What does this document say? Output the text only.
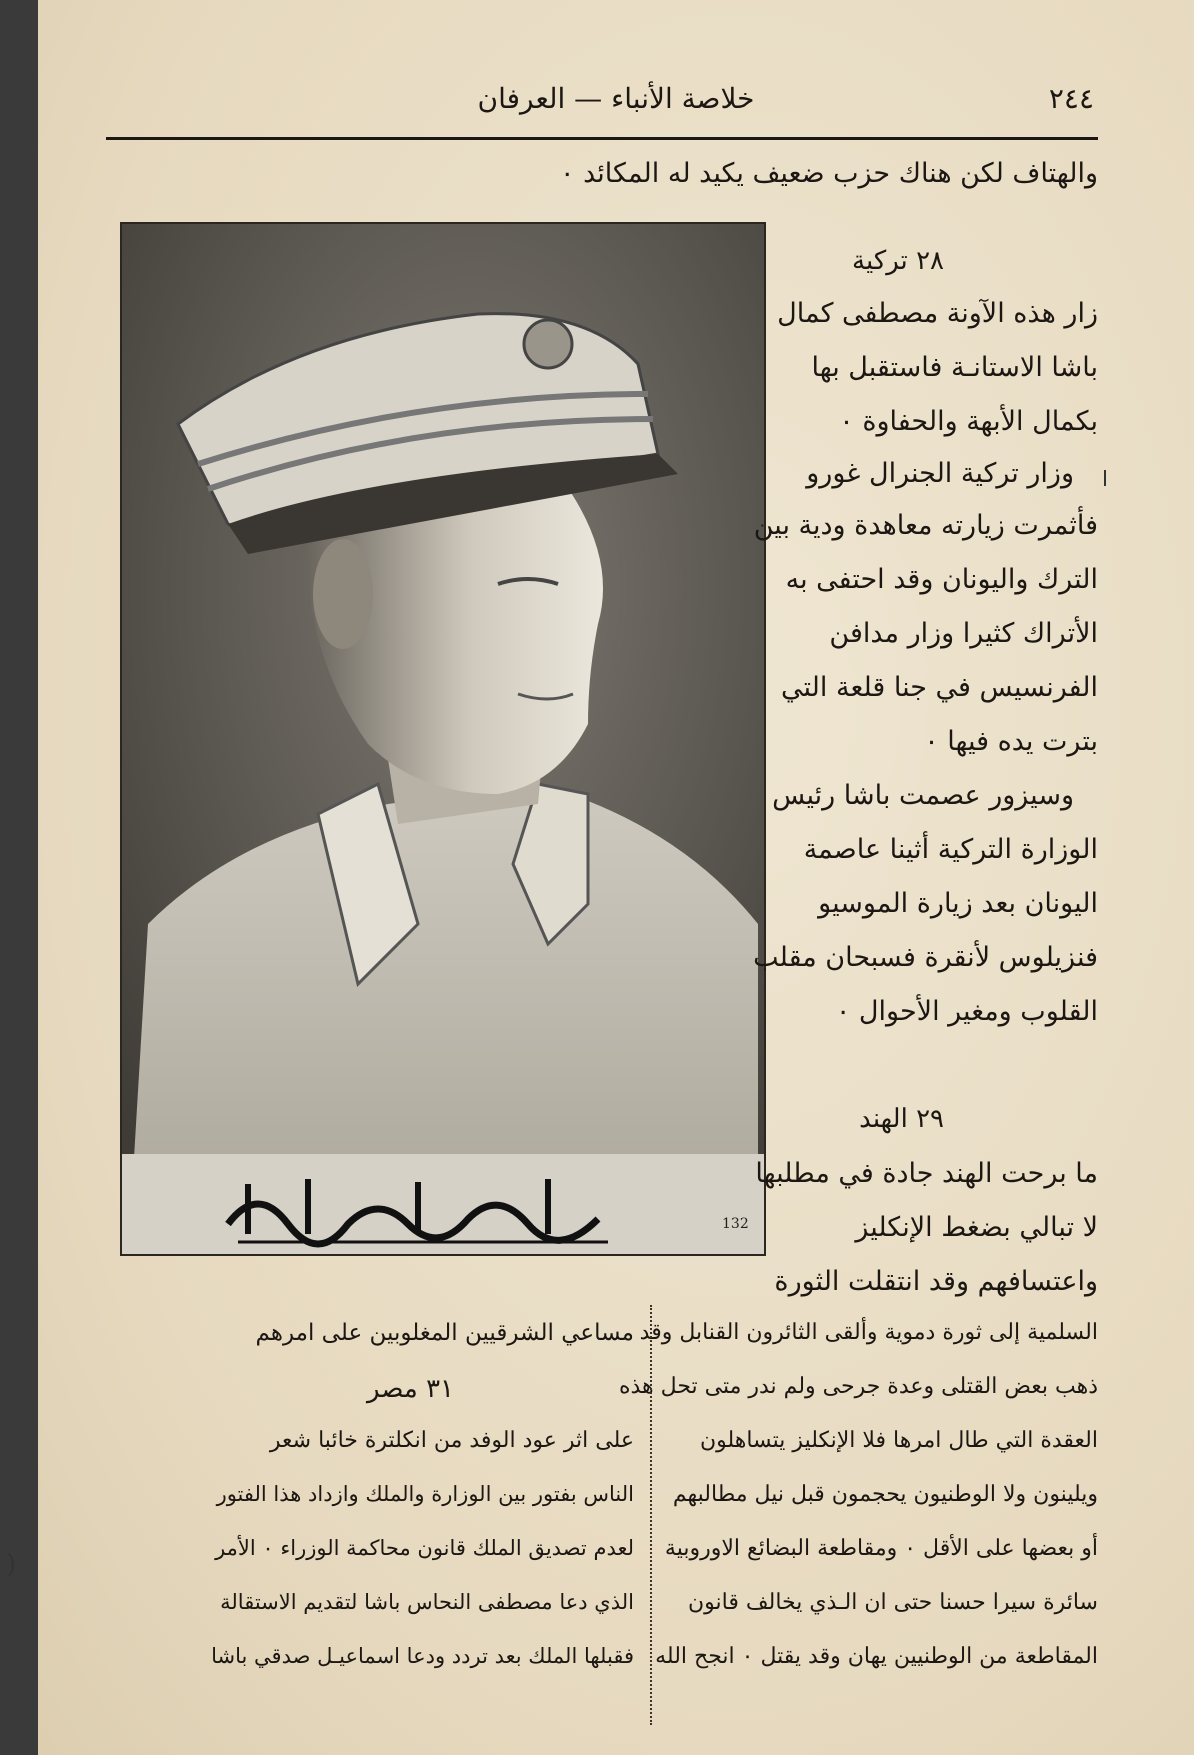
٢٤٤
خلاصة الأنباء — العرفان
والهتاف لكن هناك حزب ضعيف يكيد له المكائد ٠
132
٢٨ تركية
زار هذه الآونة مصطفى كمال
باشا الاستانـة فاستقبل بها
بكمال الأبهة والحفاوة ٠
وزار تركية الجنرال غورو
فأثمرت زيارته معاهدة ودية بين
الترك واليونان وقد احتفى به
الأتراك كثيرا وزار مدافن
الفرنسيس في جنا قلعة التي
بترت يده فيها ٠
وسيزور عصمت باشا رئيس
الوزارة التركية أثينا عاصمة
اليونان بعد زيارة الموسيو
فنزيلوس لأنقرة فسبحان مقلب
القلوب ومغير الأحوال ٠
٢٩ الهند
ما برحت الهند جادة في مطلبها
لا تبالي بضغط الإنكليز
واعتسافهم وقد انتقلت الثورة
السلمية إلى ثورة دموية وألقى الثائرون القنابل وقد
ذهب بعض القتلى وعدة جرحى ولم ندر متى تحل هذه
العقدة التي طال امرها فلا الإنكليز يتساهلون
ويلينون ولا الوطنيون يحجمون قبل نيل مطالبهم
أو بعضها على الأقل ٠ ومقاطعة البضائع الاوروبية
سائرة سيرا حسنا حتى ان الـذي يخالف قانون
المقاطعة من الوطنيين يهان وقد يقتل ٠ انجح الله
مساعي الشرقيين المغلوبين على امرهم
٣١ مصر
على اثر عود الوفد من انكلترة خائبا شعر
الناس بفتور بين الوزارة والملك وازداد هذا الفتور
لعدم تصديق الملك قانون محاكمة الوزراء ٠ الأمر
الذي دعا مصطفى النحاس باشا لتقديم الاستقالة
فقبلها الملك بعد تردد ودعا اسماعيـل صدقي باشا
(
